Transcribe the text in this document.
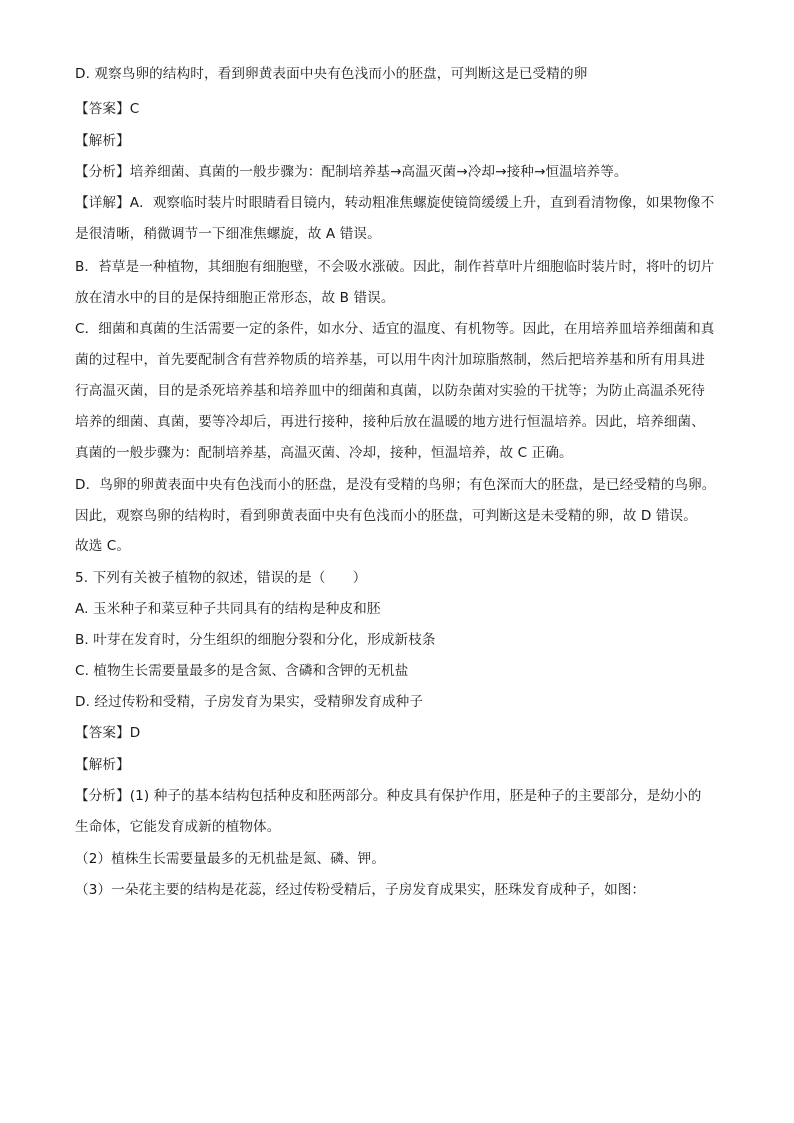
D. 观察鸟卵的结构时，看到卵黄表面中央有色浅而小的胚盘，可判断这是已受精的卵
【答案】C
【解析】
【分析】培养细菌、真菌的一般步骤为：配制培养基→高温灭菌→冷却→接种→恒温培养等。
【详解】A．观察临时装片时眼睛看目镜内，转动粗准焦螺旋使镜筒缓缓上升，直到看清物像，如果物像不
是很清晰，稍微调节一下细准焦螺旋，故 A 错误。
B．苔草是一种植物，其细胞有细胞壁，不会吸水涨破。因此，制作苔草叶片细胞临时装片时，将叶的切片
放在清水中的目的是保持细胞正常形态，故 B 错误。
C．细菌和真菌的生活需要一定的条件，如水分、适宜的温度、有机物等。因此，在用培养皿培养细菌和真
菌的过程中，首先要配制含有营养物质的培养基，可以用牛肉汁加琼脂熬制，然后把培养基和所有用具进
行高温灭菌，目的是杀死培养基和培养皿中的细菌和真菌，以防杂菌对实验的干扰等；为防止高温杀死待
培养的细菌、真菌，要等冷却后，再进行接种，接种后放在温暖的地方进行恒温培养。因此，培养细菌、
真菌的一般步骤为：配制培养基，高温灭菌、冷却，接种，恒温培养，故 C 正确。
D．鸟卵的卵黄表面中央有色浅而小的胚盘，是没有受精的鸟卵；有色深而大的胚盘，是已经受精的鸟卵。
因此，观察鸟卵的结构时，看到卵黄表面中央有色浅而小的胚盘，可判断这是未受精的卵，故 D 错误。
故选 C。
5. 下列有关被子植物的叙述，错误的是（　　）
A. 玉米种子和菜豆种子共同具有的结构是种皮和胚
B. 叶芽在发育时，分生组织的细胞分裂和分化，形成新枝条
C. 植物生长需要量最多的是含氮、含磷和含钾的无机盐
D. 经过传粉和受精，子房发育为果实，受精卵发育成种子
【答案】D
【解析】
【分析】(1) 种子的基本结构包括种皮和胚两部分。种皮具有保护作用，胚是种子的主要部分，是幼小的
生命体，它能发育成新的植物体。
（2）植株生长需要量最多的无机盐是氮、磷、钾。
（3）一朵花主要的结构是花蕊，经过传粉受精后，子房发育成果实，胚珠发育成种子，如图：
